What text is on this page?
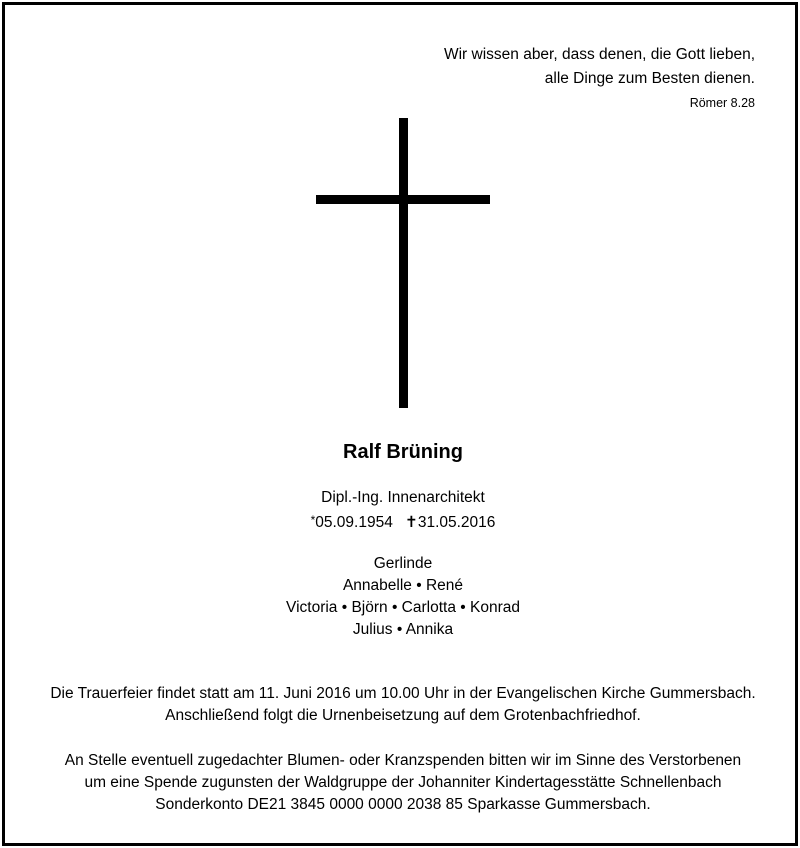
Wir wissen aber, dass denen, die Gott lieben,
alle Dinge zum Besten dienen.
Römer 8.28
Ralf Brüning
Dipl.-Ing. Innenarchitekt
*05.09.1954 ✝31.05.2016
Gerlinde
Annabelle • René
Victoria • Björn • Carlotta • Konrad
Julius • Annika
Die Trauerfeier findet statt am 11. Juni 2016 um 10.00 Uhr in der Evangelischen Kirche Gummersbach.
Anschließend folgt die Urnenbeisetzung auf dem Grotenbachfriedhof.
An Stelle eventuell zugedachter Blumen- oder Kranzspenden bitten wir im Sinne des Verstorbenen
um eine Spende zugunsten der Waldgruppe der Johanniter Kindertagesstätte Schnellenbach
Sonderkonto DE21 3845 0000 0000 2038 85 Sparkasse Gummersbach.
